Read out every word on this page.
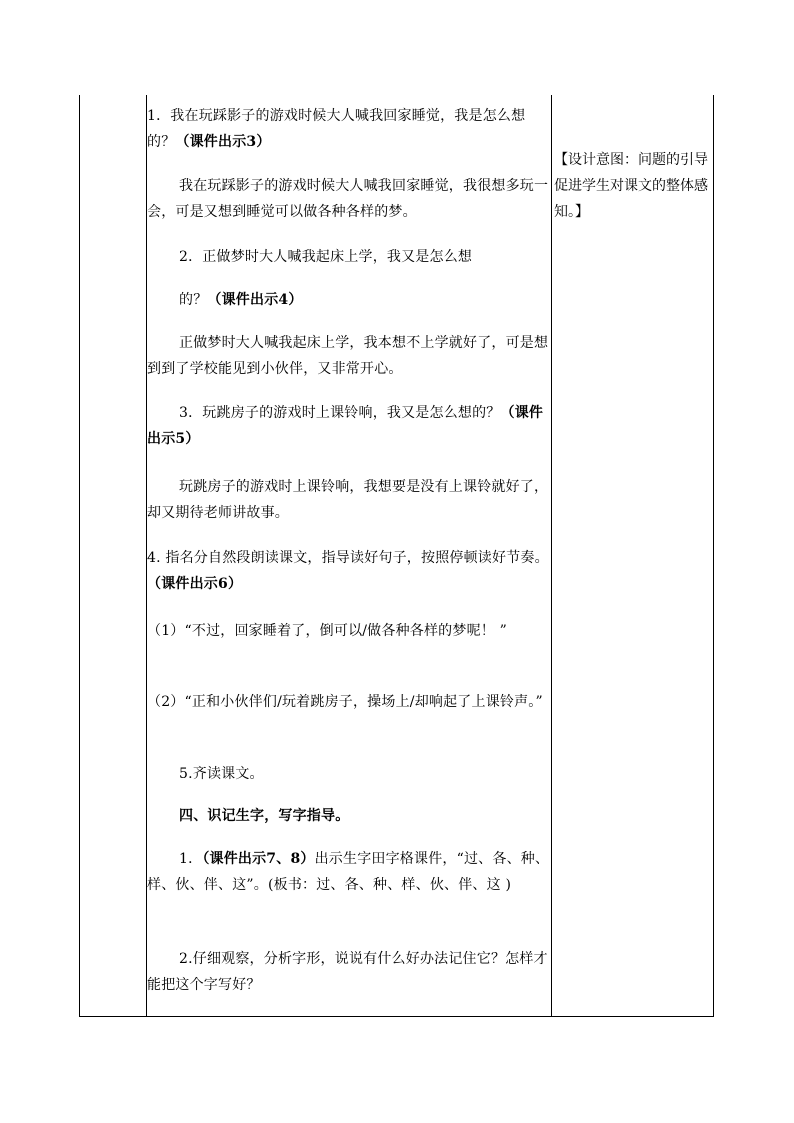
1．我在玩踩影子的游戏时候大人喊我回家睡觉，我是怎么想的？（课件出示3）

我在玩踩影子的游戏时候大人喊我回家睡觉，我很想多玩一会，可是又想到睡觉可以做各种各样的梦。

2．正做梦时大人喊我起床上学，我又是怎么想

的？（课件出示4）

正做梦时大人喊我起床上学，我本想不上学就好了，可是想到到了学校能见到小伙伴，又非常开心。

3．玩跳房子的游戏时上课铃响，我又是怎么想的？（课件出示5）

玩跳房子的游戏时上课铃响，我想要是没有上课铃就好了，却又期待老师讲故事。

4. 指名分自然段朗读课文，指导读好句子，按照停顿读好节奏。（课件出示6）

（1）“不过，回家睡着了，倒可以/做各种各样的梦呢！ ”

（2）“正和小伙伴们/玩着跳房子，操场上/却响起了上课铃声。”

5.齐读课文。

四、识记生字，写字指导。

1．（课件出示7、8）出示生字田字格课件，“过、各、种、样、伙、伴、这”。(板书：过、各、种、样、伙、伴、这 )

2.仔细观察，分析字形，说说有什么好办法记住它？怎样才能把这个字写好？

【设计意图：问题的引导促进学生对课文的整体感知。】
